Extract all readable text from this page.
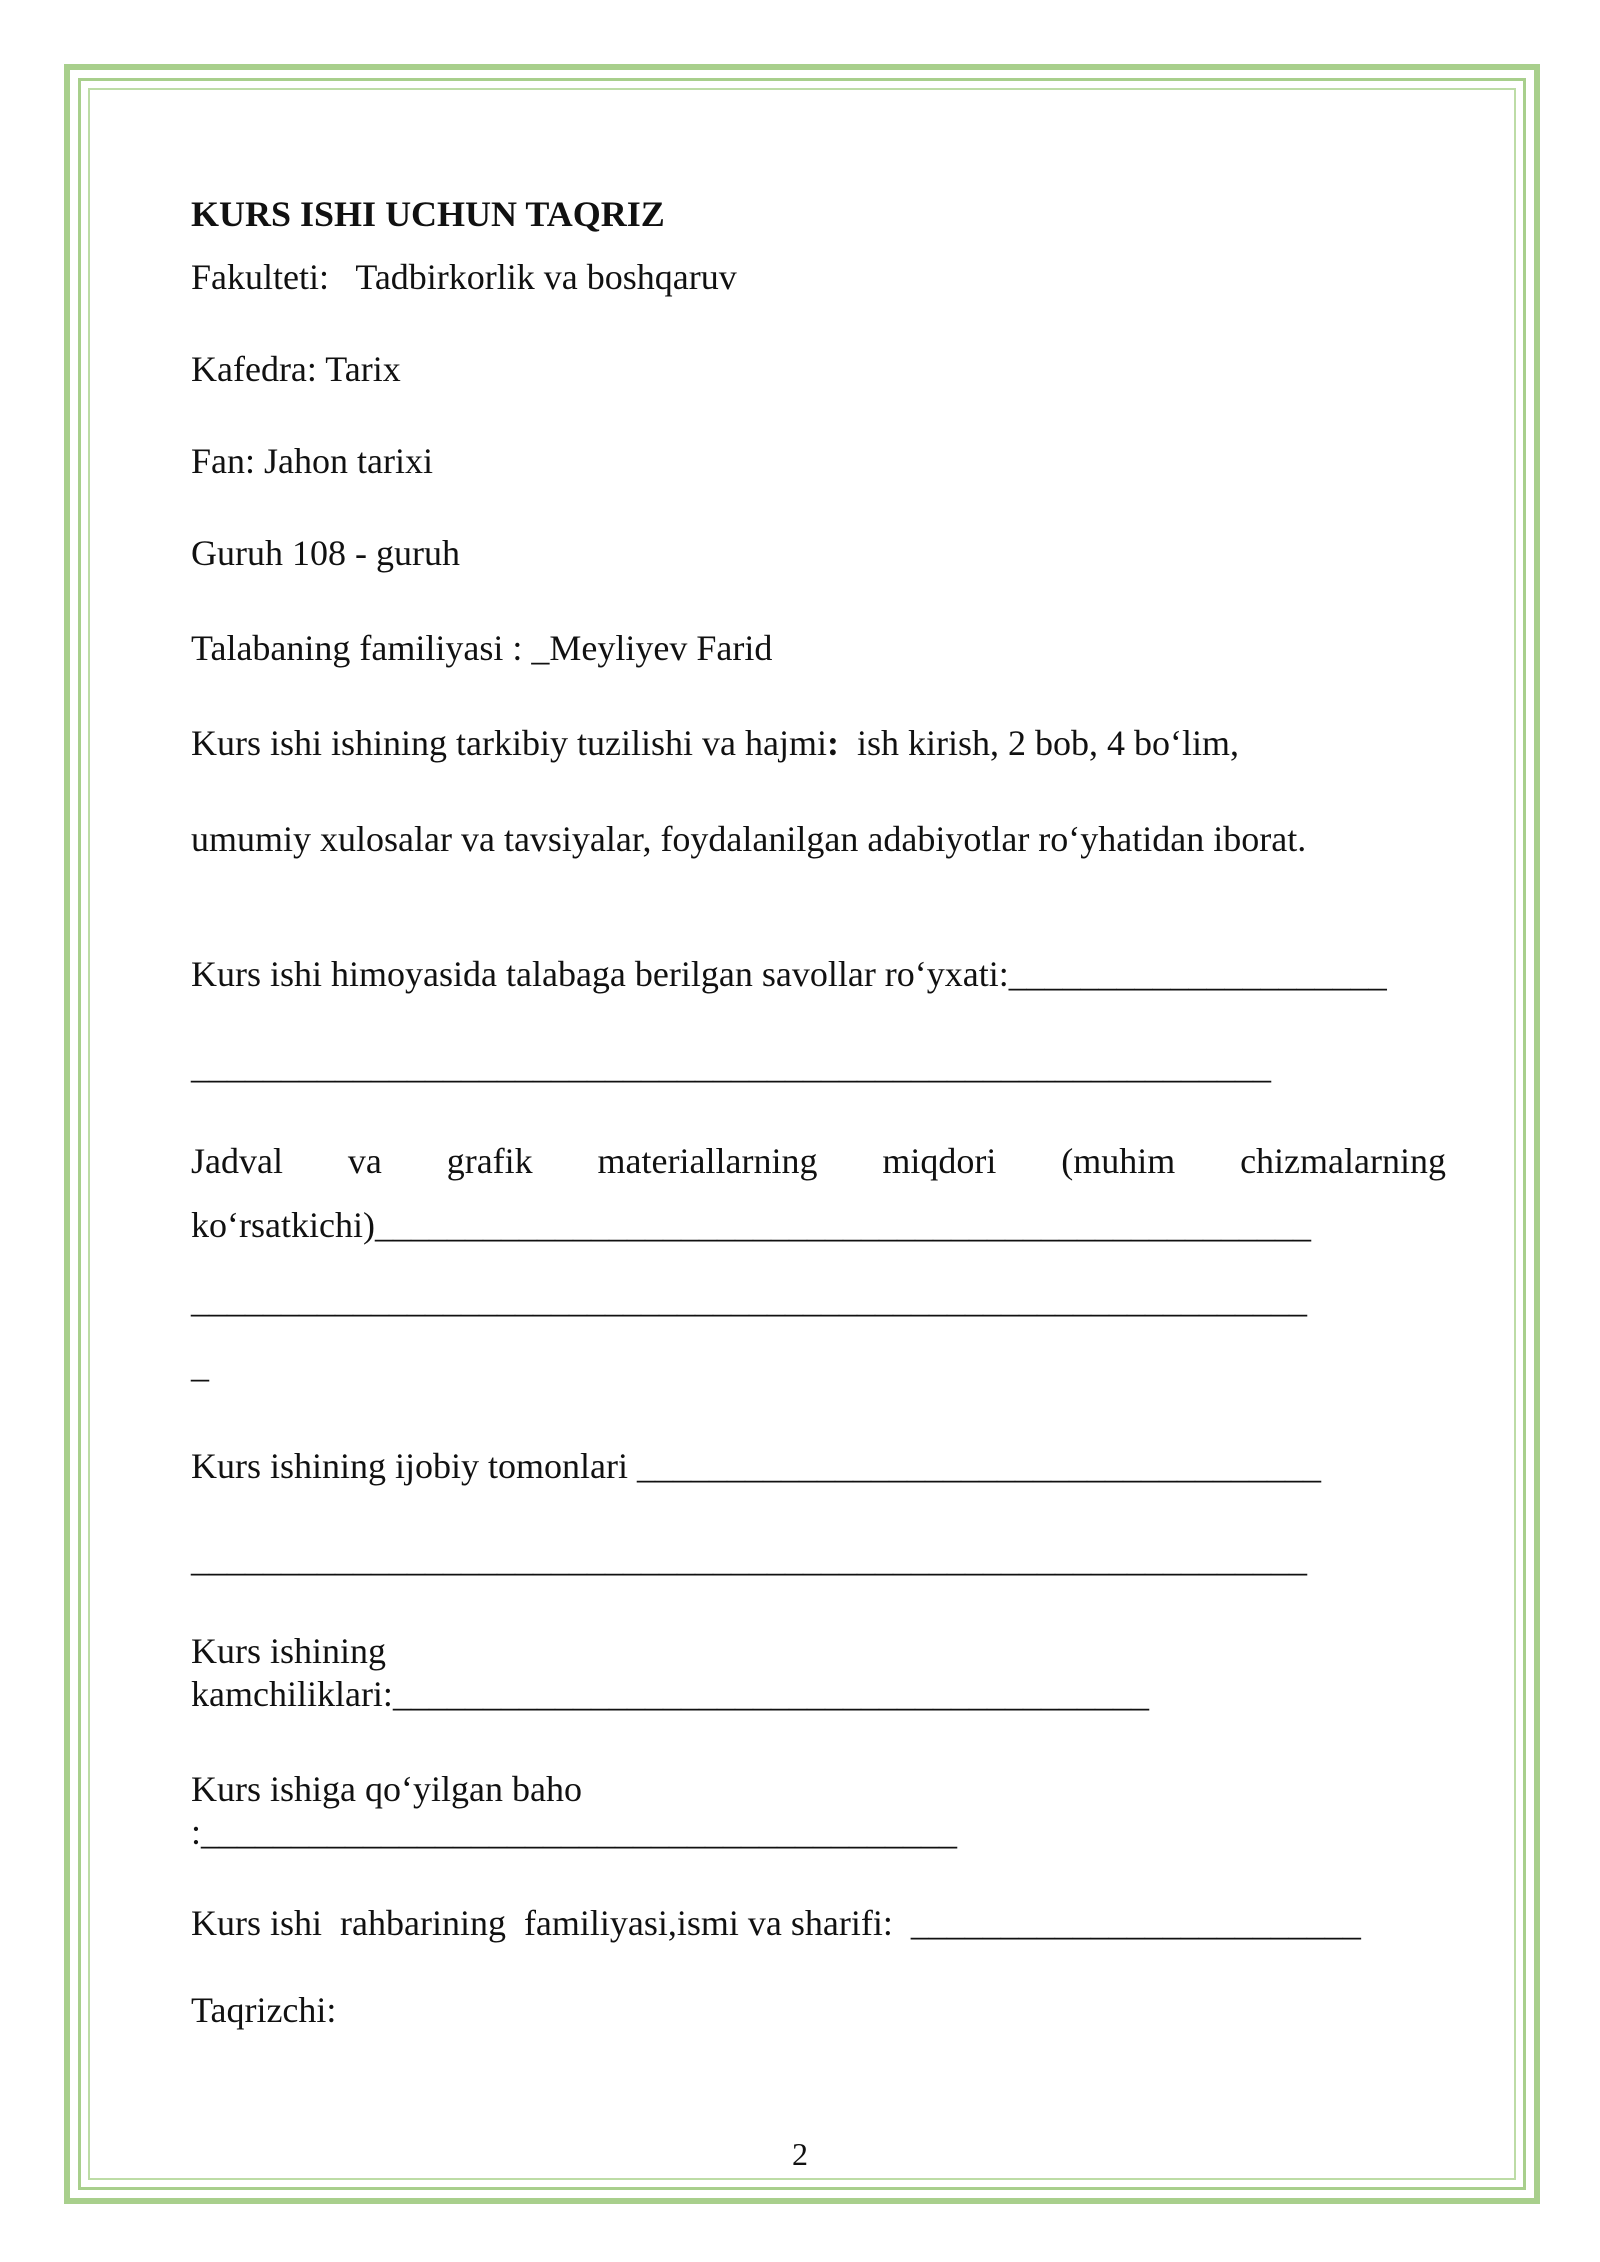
KURS ISHI UCHUN TAQRIZ
Fakulteti:   Tadbirkorlik va boshqaruv
Kafedra: Tarix
Fan: Jahon tarixi
Guruh 108 - guruh
Talabaning familiyasi : _Meyliyev Farid
Kurs ishi ishining tarkibiy tuzilishi va hajmi:  ish kirish, 2 bob, 4 bo‘lim,
umumiy xulosalar va tavsiyalar, foydalanilgan adabiyotlar ro‘yhatidan iborat.
Kurs ishi himoyasida talabaga berilgan savollar ro‘yxati:_____________________
____________________________________________________________
Jadval va grafik materiallarning miqdori (muhim chizmalarning
ko‘rsatkichi)____________________________________________________
______________________________________________________________
_
Kurs ishining ijobiy tomonlari ______________________________________
______________________________________________________________
Kurs ishining
kamchiliklari:__________________________________________
Kurs ishiga qo‘yilgan baho
:__________________________________________
Kurs ishi  rahbarining  familiyasi,ismi va sharifi:  _________________________
Taqrizchi:
2
